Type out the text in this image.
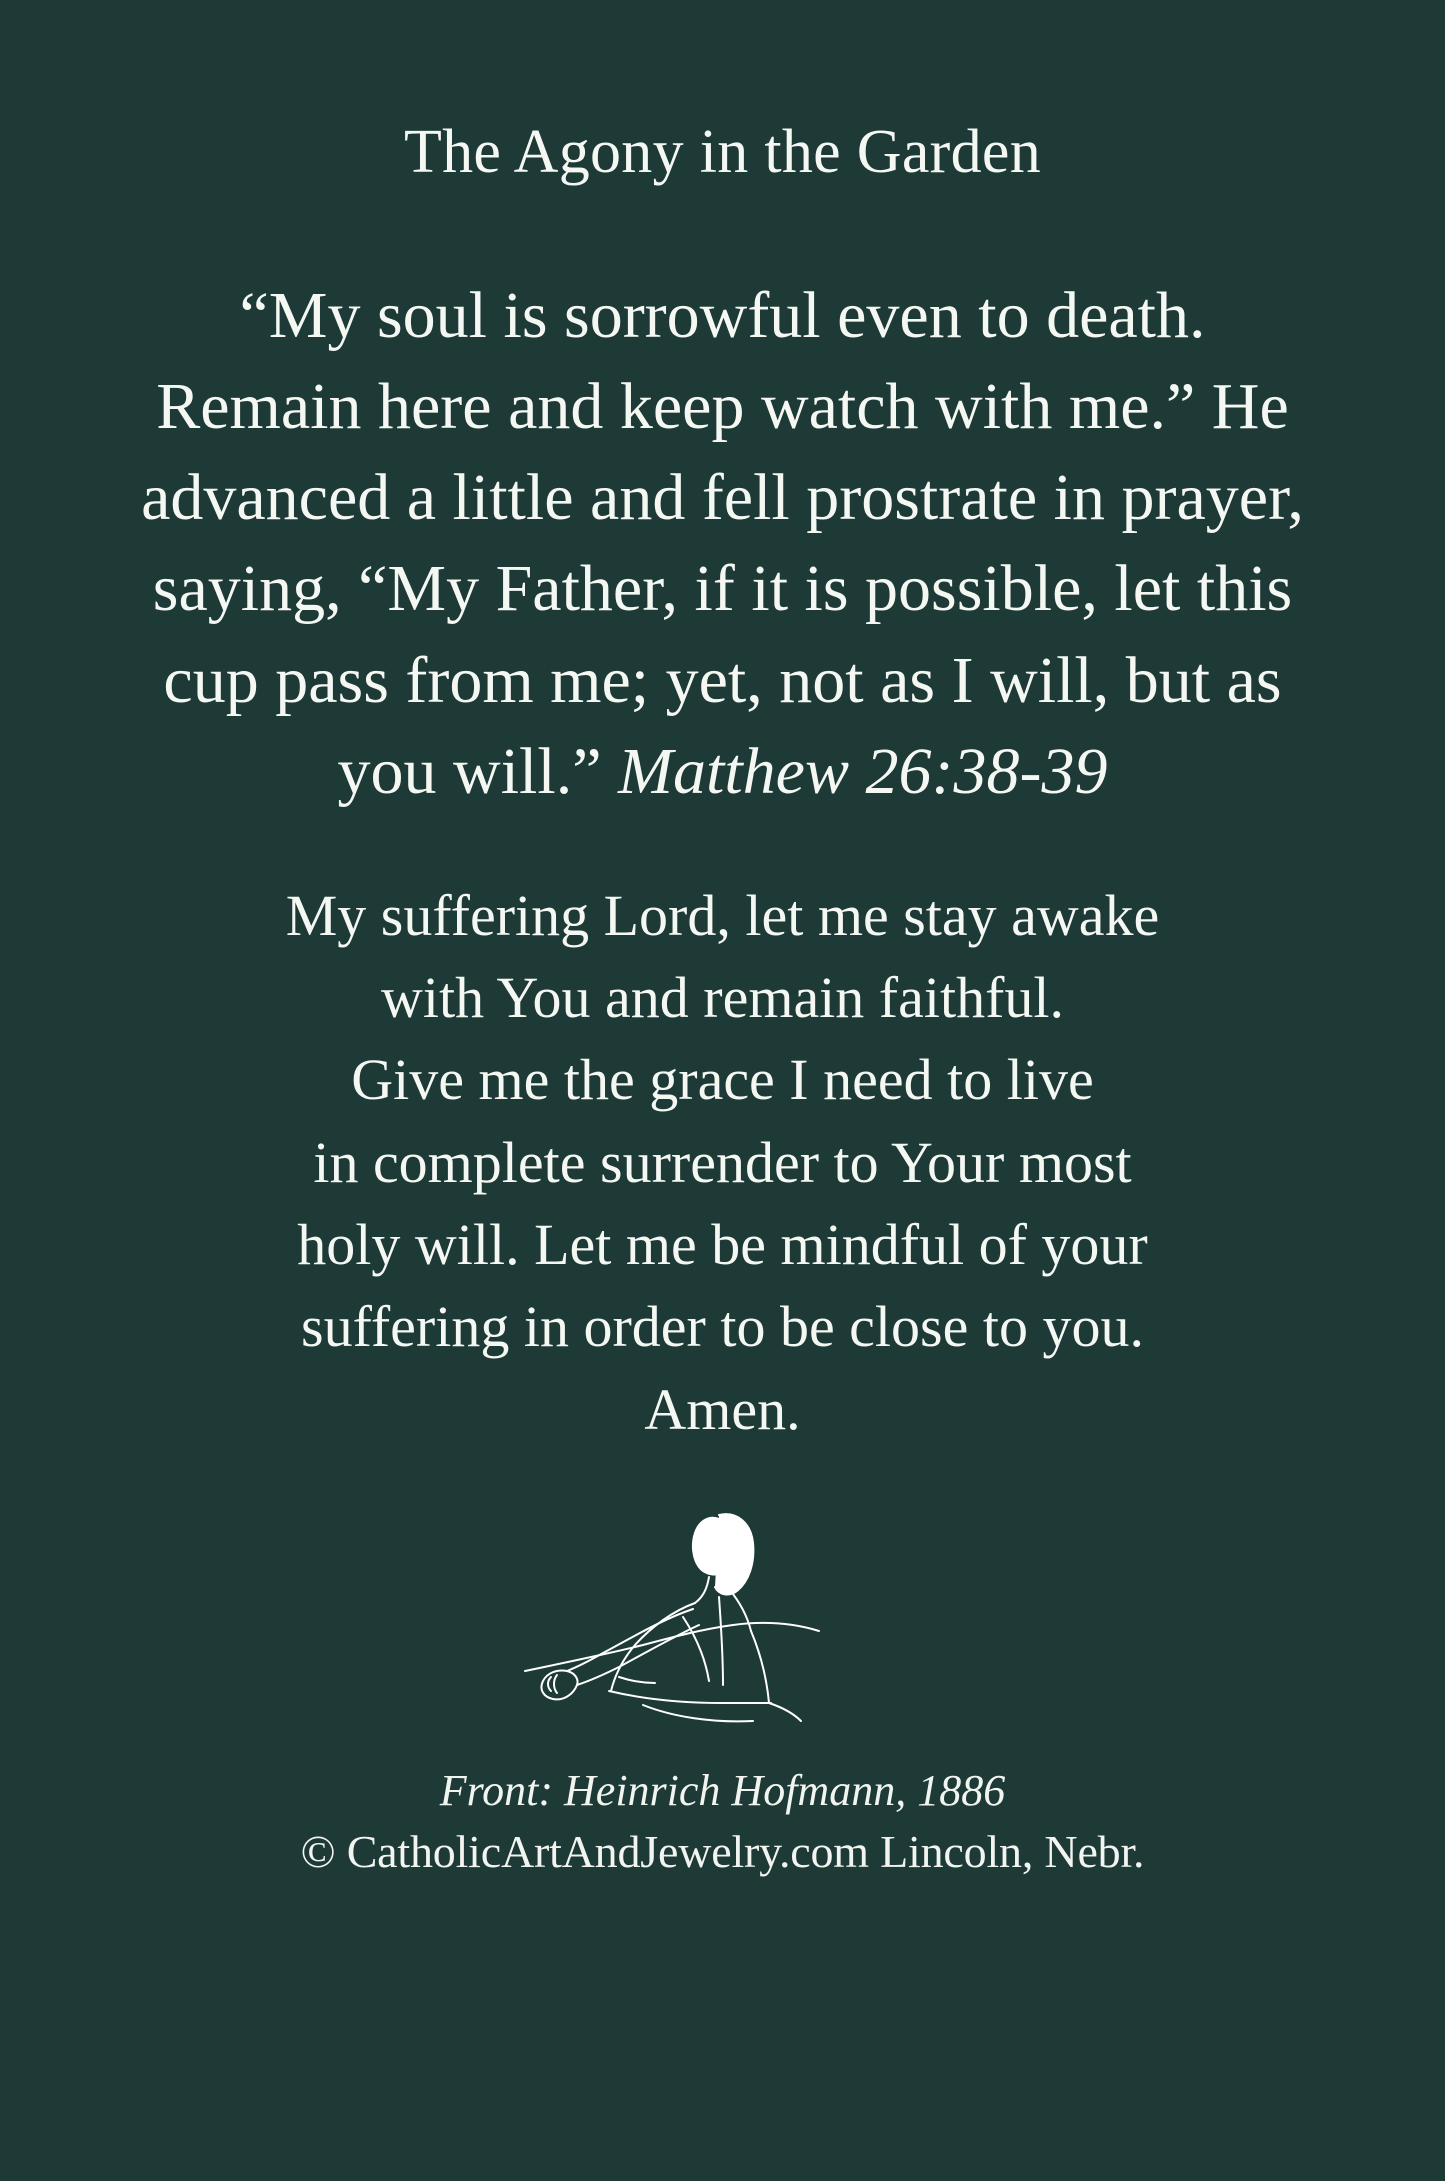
The Agony in the Garden
“My soul is sorrowful even to death. Remain here and keep watch with me.” He advanced a little and fell prostrate in prayer, saying, “My Father, if it is possible, let this cup pass from me; yet, not as I will, but as you will.” Matthew 26:38-39
My suffering Lord, let me stay awake
with You and remain faithful.
Give me the grace I need to live
in complete surrender to Your most
holy will. Let me be mindful of your
suffering in order to be close to you.
Amen.
Front: Heinrich Hofmann, 1886
© CatholicArtAndJewelry.com Lincoln, Nebr.
